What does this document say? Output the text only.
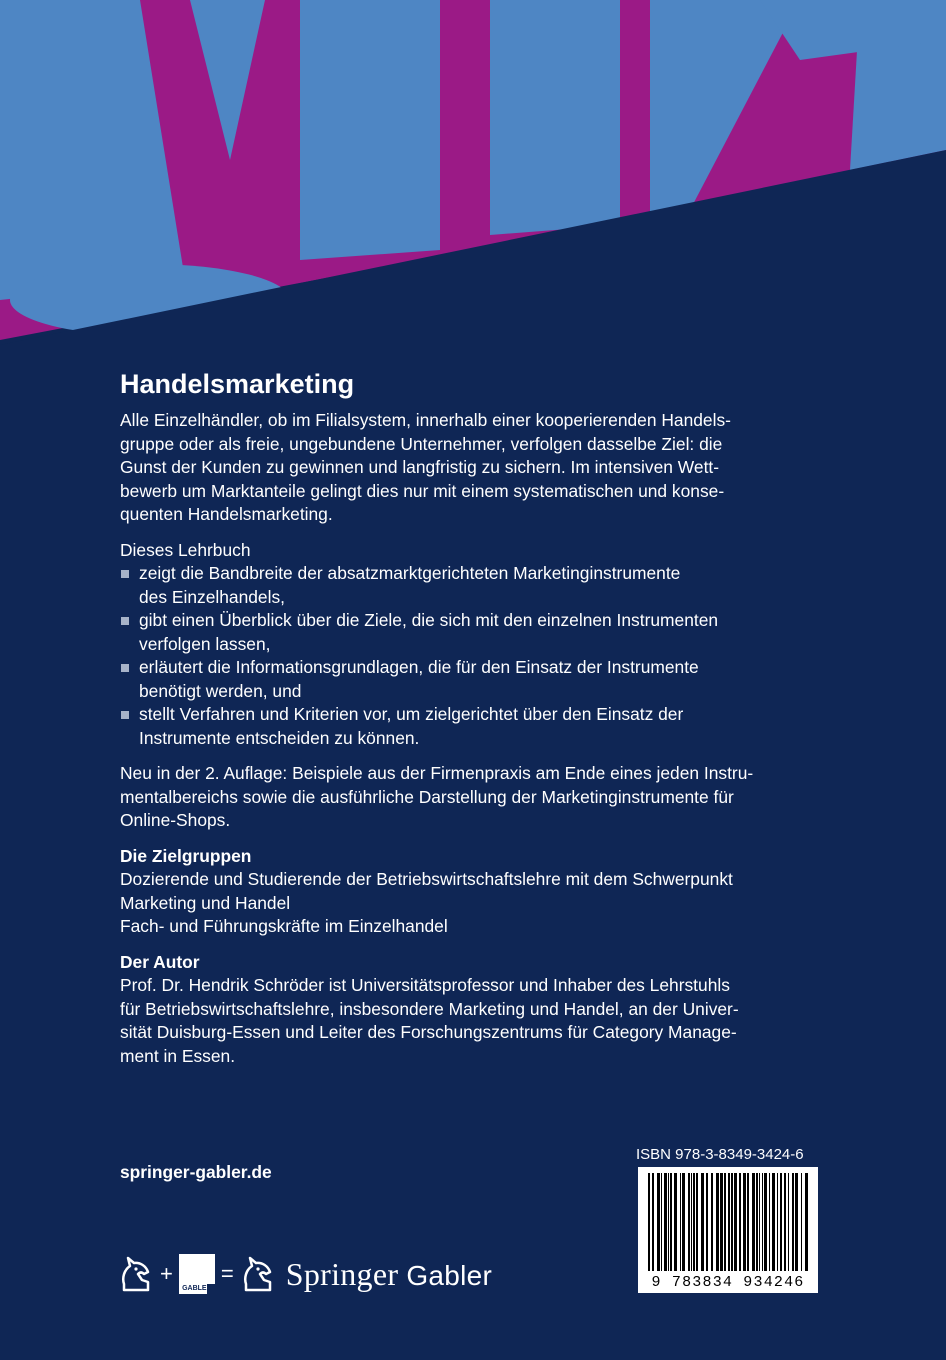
Handelsmarketing

Alle Einzelhändler, ob im Filialsystem, innerhalb einer kooperierenden Handels-
gruppe oder als freie, ungebundene Unternehmer, verfolgen dasselbe Ziel: die
Gunst der Kunden zu gewinnen und langfristig zu sichern. Im intensiven Wett-
bewerb um Marktanteile gelingt dies nur mit einem systematischen und konse-
quenten Handelsmarketing.

Dieses Lehrbuch

zeigt die Bandbreite der absatzmarktgerichteten Marketinginstrumente
des Einzelhandels,
gibt einen Überblick über die Ziele, die sich mit den einzelnen Instrumenten
verfolgen lassen,
erläutert die Informationsgrundlagen, die für den Einsatz der Instrumente
benötigt werden, und
stellt Verfahren und Kriterien vor, um zielgerichtet über den Einsatz der
Instrumente entscheiden zu können.

Neu in der 2. Auflage: Beispiele aus der Firmenpraxis am Ende eines jeden Instru-
mentalbereichs sowie die ausführliche Darstellung der Marketinginstrumente für
Online-Shops.

Die Zielgruppen
Dozierende und Studierende der Betriebswirtschaftslehre mit dem Schwerpunkt
Marketing und Handel
Fach- und Führungskräfte im Einzelhandel
Der Autor
Prof. Dr. Hendrik Schröder ist Universitätsprofessor und Inhaber des Lehrstuhls
für Betriebswirtschaftslehre, insbesondere Marketing und Handel, an der Univer-
sität Duisburg-Essen und Leiter des Forschungszentrums für Category Manage-
ment in Essen.
springer-gabler.de
ISBN 978-3-8349-3424-6
9 783834 934246
+
GABLER
= Springer Gabler
